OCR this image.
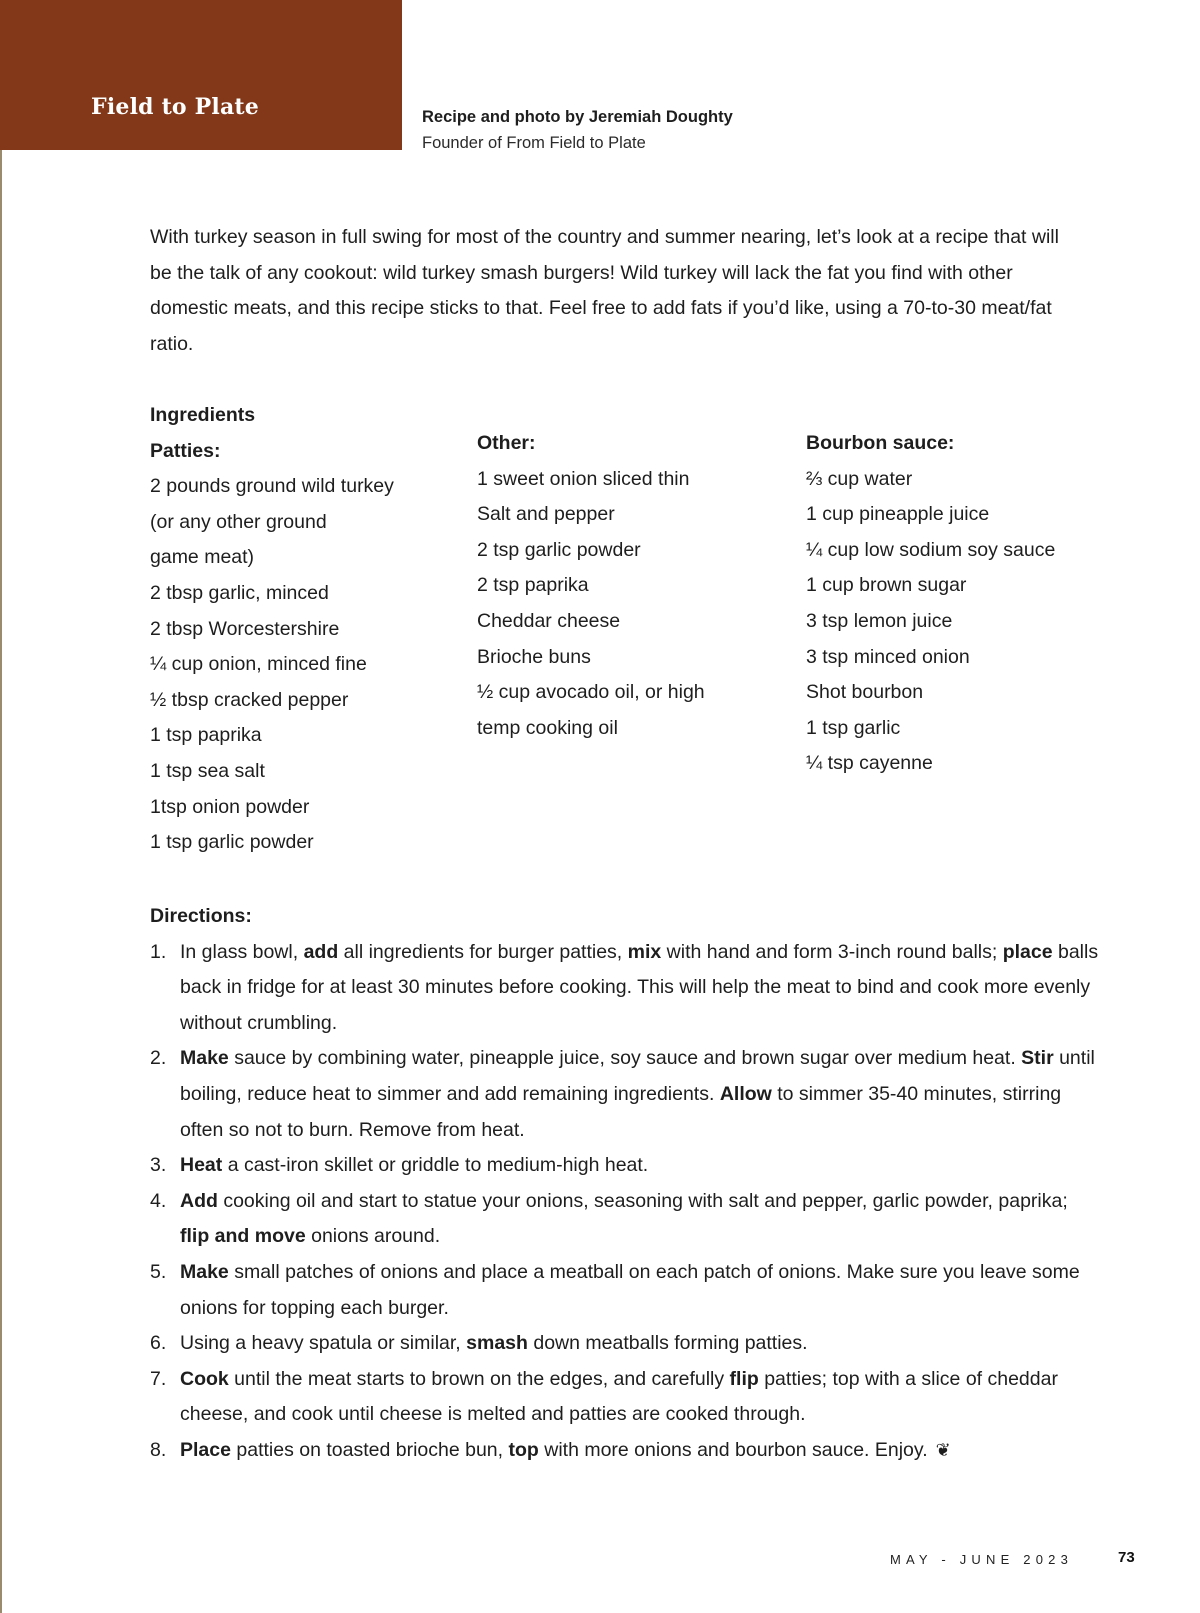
Field to Plate	Recipe and photo by Jeremiah Doughty
Founder of From Field to Plate

With turkey season in full swing for most of the country and summer nearing, let’s look at a recipe that will be the talk of any cookout: wild turkey smash burgers! Wild turkey will lack the fat you find with other domestic meats, and this recipe sticks to that. Feel free to add fats if you’d like, using a 70-to-30 meat/fat ratio.

Ingredients
Patties:
2 pounds ground wild turkey
(or any other ground
game meat)
2 tbsp garlic, minced
2 tbsp Worcestershire
¼ cup onion, minced fine
½ tbsp cracked pepper
1 tsp paprika
1 tsp sea salt
1tsp onion powder
1 tsp garlic powder
Other:
1 sweet onion sliced thin
Salt and pepper
2 tsp garlic powder
2 tsp paprika
Cheddar cheese
Brioche buns
½ cup avocado oil, or high
temp cooking oil
Bourbon sauce:
⅔ cup water
1 cup pineapple juice
¼ cup low sodium soy sauce
1 cup brown sugar
3 tsp lemon juice
3 tsp minced onion
Shot bourbon
1 tsp garlic
¼ tsp cayenne
Directions:
1. In glass bowl, add all ingredients for burger patties, mix with hand and form 3-inch round balls; place balls back in fridge for at least 30 minutes before cooking. This will help the meat to bind and cook more evenly without crumbling.
2. Make sauce by combining water, pineapple juice, soy sauce and brown sugar over medium heat. Stir until boiling, reduce heat to simmer and add remaining ingredients. Allow to simmer 35-40 minutes, stirring often so not to burn. Remove from heat.
3. Heat a cast-iron skillet or griddle to medium-high heat.
4. Add cooking oil and start to statue your onions, seasoning with salt and pepper, garlic powder, paprika; flip and move onions around.
5. Make small patches of onions and place a meatball on each patch of onions. Make sure you leave some onions for topping each burger.
6. Using a heavy spatula or similar, smash down meatballs forming patties.
7. Cook until the meat starts to brown on the edges, and carefully flip patties; top with a slice of cheddar cheese, and cook until cheese is melted and patties are cooked through.
8. Place patties on toasted brioche bun, top with more onions and bourbon sauce. Enjoy. ❦
MAY - JUNE 2023	73
